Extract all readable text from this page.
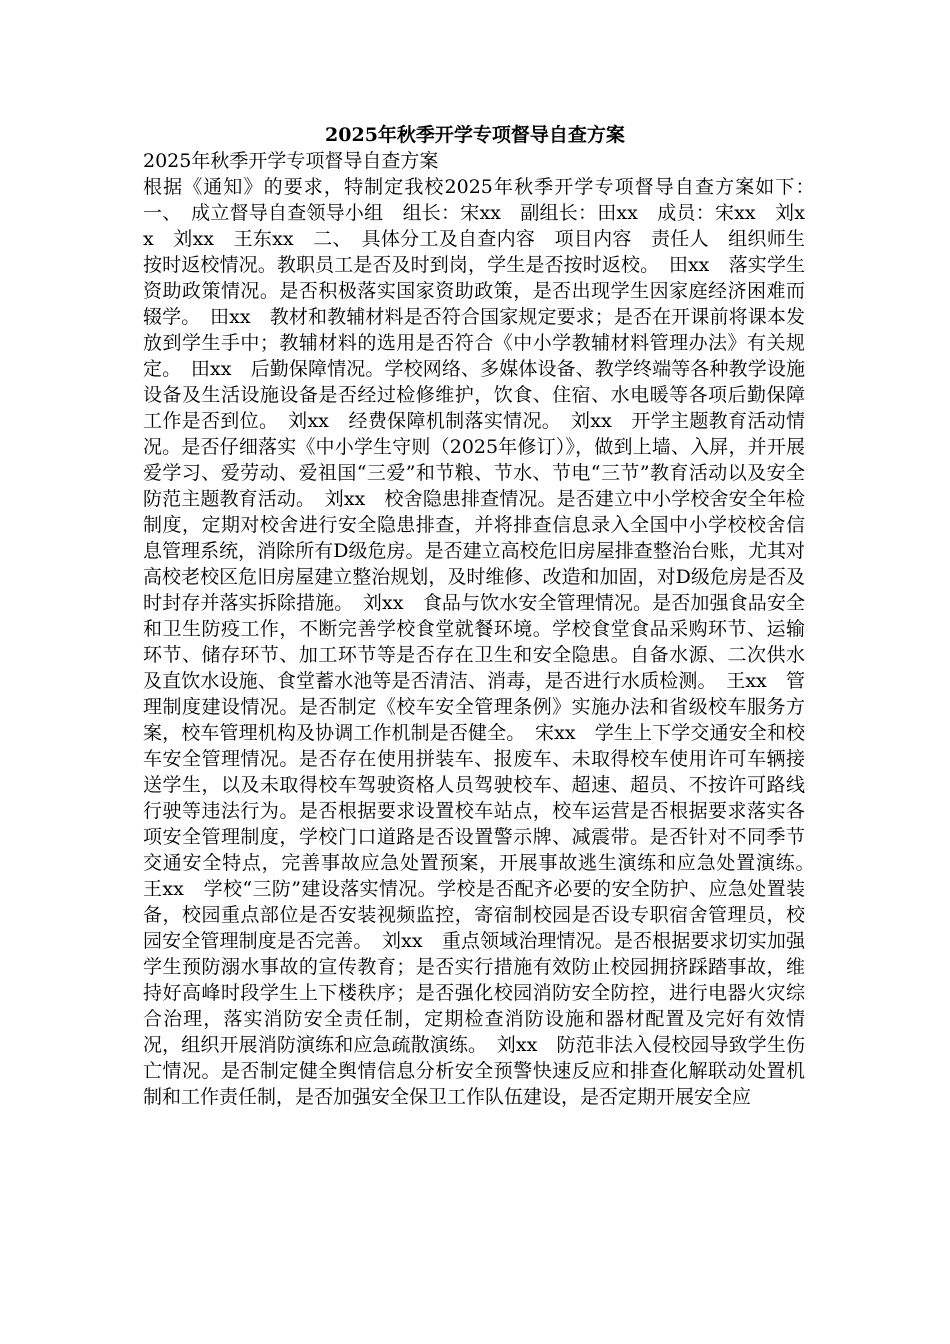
2025年秋季开学专项督导自查方案

2025年秋季开学专项督导自查方案

根据《通知》的要求，特制定我校2025年秋季开学专项督导自查方案如下：　一、　成立督导自查领导小组　组长：宋xx　副组长：田xx　成员：宋xx　刘xx　刘xx　王东xx　二、　具体分工及自查内容　项目内容　责任人　组织师生按时返校情况。教职员工是否及时到岗，学生是否按时返校。　田xx　落实学生资助政策情况。是否积极落实国家资助政策，是否出现学生因家庭经济困难而辍学。　田xx　教材和教辅材料是否符合国家规定要求；是否在开课前将课本发放到学生手中；教辅材料的选用是否符合《中小学教辅材料管理办法》有关规定。　田xx　后勤保障情况。学校网络、多媒体设备、教学终端等各种教学设施设备及生活设施设备是否经过检修维护，饮食、住宿、水电暖等各项后勤保障工作是否到位。　刘xx　经费保障机制落实情况。　刘xx　开学主题教育活动情况。是否仔细落实《中小学生守则（2025年修订）》，做到上墙、入屏，并开展爱学习、爱劳动、爱祖国“三爱”和节粮、节水、节电“三节”教育活动以及安全防范主题教育活动。　刘xx　校舍隐患排查情况。是否建立中小学校舍安全年检制度，定期对校舍进行安全隐患排查，并将排查信息录入全国中小学校校舍信息管理系统，消除所有D级危房。是否建立高校危旧房屋排查整治台账，尤其对高校老校区危旧房屋建立整治规划，及时维修、改造和加固，对D级危房是否及时封存并落实拆除措施。　刘xx　食品与饮水安全管理情况。是否加强食品安全和卫生防疫工作，不断完善学校食堂就餐环境。学校食堂食品采购环节、运输环节、储存环节、加工环节等是否存在卫生和安全隐患。自备水源、二次供水及直饮水设施、食堂蓄水池等是否清洁、消毒，是否进行水质检测。　王xx　管理制度建设情况。是否制定《校车安全管理条例》实施办法和省级校车服务方案，校车管理机构及协调工作机制是否健全。　宋xx　学生上下学交通安全和校车安全管理情况。是否存在使用拼装车、报废车、未取得校车使用许可车辆接送学生，以及未取得校车驾驶资格人员驾驶校车、超速、超员、不按许可路线行驶等违法行为。是否根据要求设置校车站点，校车运营是否根据要求落实各项安全管理制度，学校门口道路是否设置警示牌、减震带。是否针对不同季节交通安全特点，完善事故应急处置预案，开展事故逃生演练和应急处置演练。　王xx　学校“三防”建设落实情况。学校是否配齐必要的安全防护、应急处置装备，校园重点部位是否安装视频监控，寄宿制校园是否设专职宿舍管理员，校园安全管理制度是否完善。　刘xx　重点领域治理情况。是否根据要求切实加强学生预防溺水事故的宣传教育；是否实行措施有效防止校园拥挤踩踏事故，维持好高峰时段学生上下楼秩序；是否强化校园消防安全防控，进行电器火灾综合治理，落实消防安全责任制，定期检查消防设施和器材配置及完好有效情况，组织开展消防演练和应急疏散演练。　刘xx　防范非法入侵校园导致学生伤亡情况。是否制定健全舆情信息分析安全预警快速反应和排查化解联动处置机制和工作责任制，是否加强安全保卫工作队伍建设，是否定期开展安全应
